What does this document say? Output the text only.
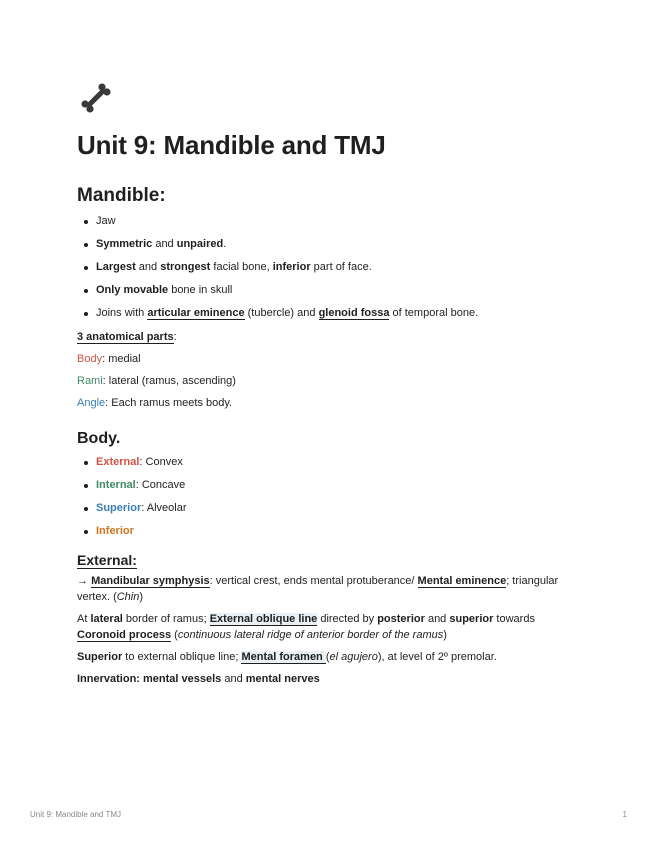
Unit 9: Mandible and TMJ
Mandible:
Jaw
Symmetric and unpaired.
Largest and strongest facial bone, inferior part of face.
Only movable bone in skull
Joins with articular eminence (tubercle) and glenoid fossa of temporal bone.

3 anatomical parts:

Body: medial

Rami: lateral (ramus, ascending)

Angle: Each ramus meets body.

Body.
External: Convex
Internal: Concave
Superior: Alveolar
Inferior
External:

→ Mandibular symphysis: vertical crest, ends mental protuberance/ Mental eminence; triangular vertex. (Chin)

At lateral border of ramus; External oblique line directed by posterior and superior towards Coronoid process (continuous lateral ridge of anterior border of the ramus)

Superior to external oblique line; Mental foramen (el agujero), at level of 2º premolar.

Innervation: mental vessels and mental nerves

Unit 9: Mandible and TMJ	1
